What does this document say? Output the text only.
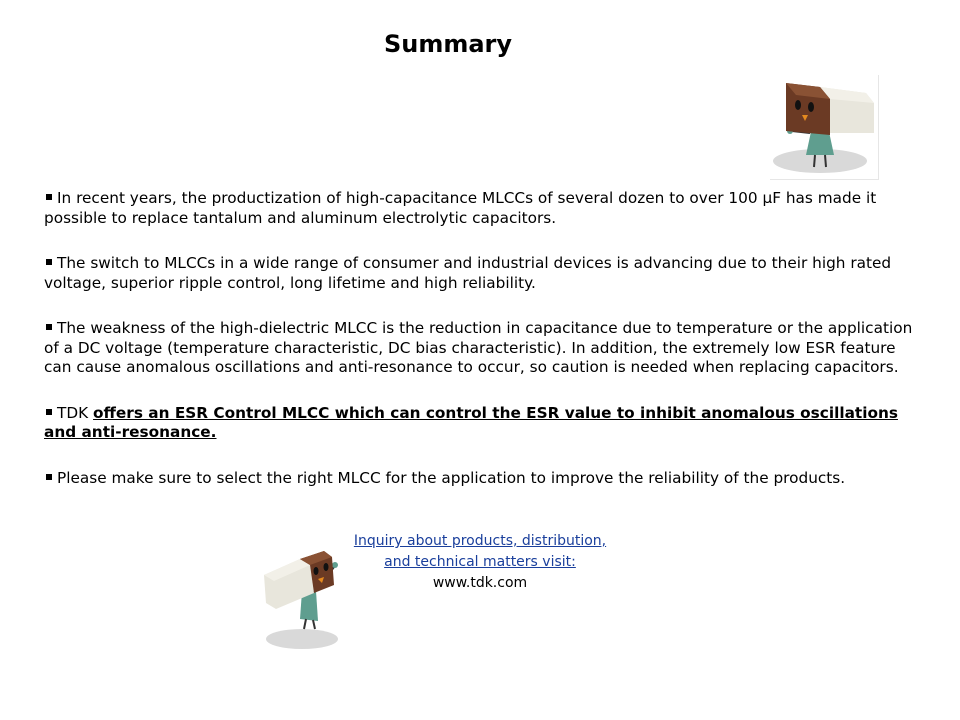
Summary

In recent years, the productization of high-capacitance MLCCs of several dozen to over 100 μF has made it possible to replace tantalum and aluminum electrolytic capacitors.

The switch to MLCCs in a wide range of consumer and industrial devices is advancing due to their high rated voltage, superior ripple control, long lifetime and high reliability.

The weakness of the high-dielectric MLCC is the reduction in capacitance due to temperature or the application of a DC voltage (temperature characteristic, DC bias characteristic). In addition, the extremely low ESR feature can cause anomalous oscillations and anti-resonance to occur, so caution is needed when replacing capacitors.

TDK offers an ESR Control MLCC which can control the ESR value to inhibit anomalous oscillations and anti-resonance.

Please make sure to select the right MLCC for the application to improve the reliability of the products.

Inquiry about products, distribution,
and technical matters visit:
www.tdk.com
